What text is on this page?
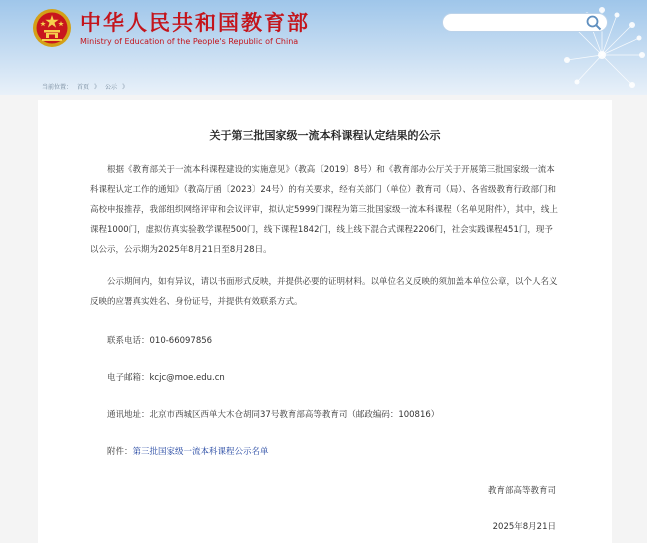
中华人民共和国教育部
Ministry of Education of the People's Republic of China
当前位置： 首页 》 公示 》
关于第三批国家级一流本科课程认定结果的公示

根据《教育部关于一流本科课程建设的实施意见》（教高〔2019〕8号）和《教育部办公厅关于开展第三批国家级一流本科课程认定工作的通知》（教高厅函〔2023〕24号）的有关要求，经有关部门（单位）教育司（局）、各省级教育行政部门和高校申报推荐，我部组织网络评审和会议评审，拟认定5999门课程为第三批国家级一流本科课程（名单见附件），其中，线上课程1000门，虚拟仿真实验教学课程500门，线下课程1842门，线上线下混合式课程2206门，社会实践课程451门，现予以公示，公示期为2025年8月21日至8月28日。

公示期间内，如有异议，请以书面形式反映，并提供必要的证明材料。以单位名义反映的须加盖本单位公章，以个人名义反映的应署真实姓名、身份证号，并提供有效联系方式。

联系电话：010-66097856
电子邮箱：kcjc@moe.edu.cn
通讯地址：北京市西城区西单大木仓胡同37号教育部高等教育司（邮政编码：100816）
附件：第三批国家级一流本科课程公示名单
教育部高等教育司
2025年8月21日
